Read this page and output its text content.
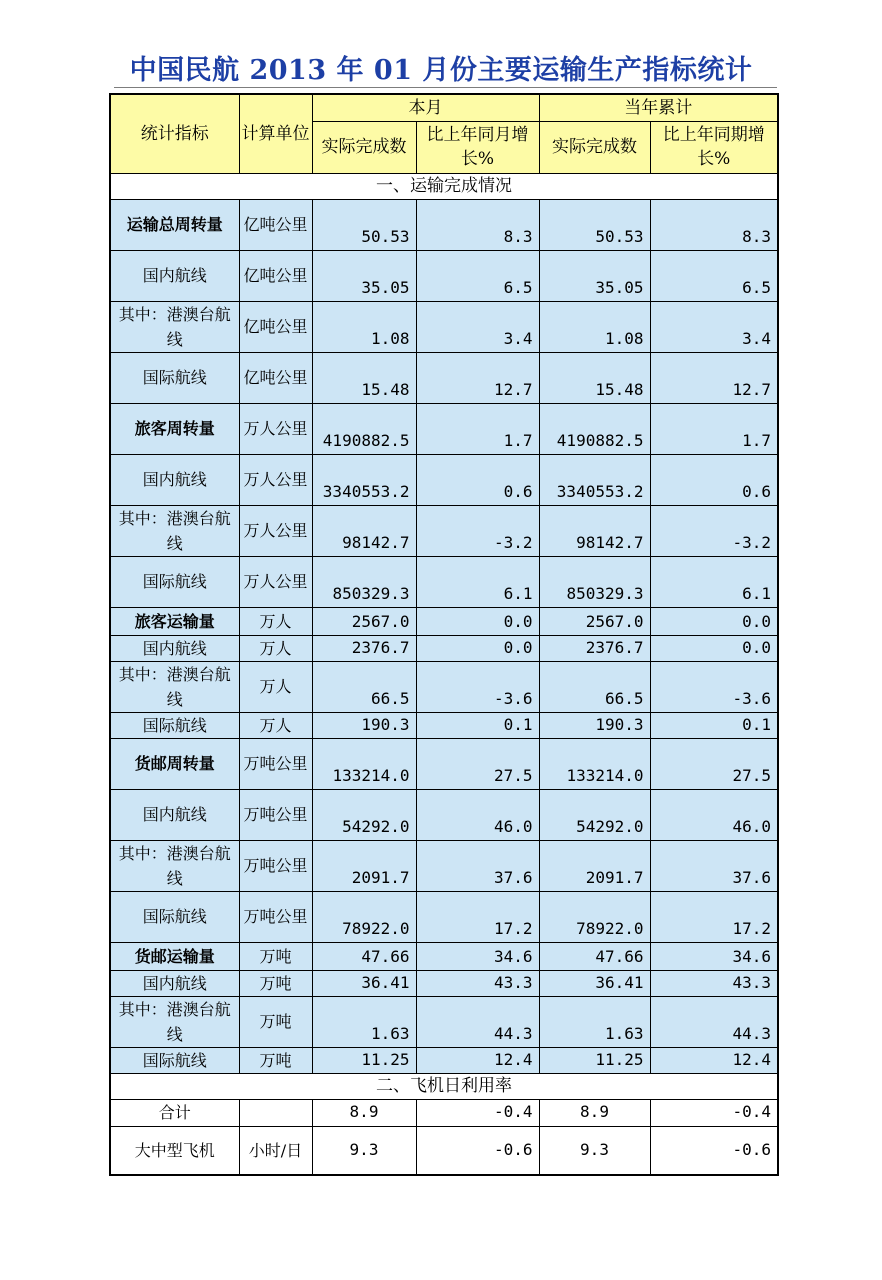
中国民航 2013 年 01 月份主要运输生产指标统计
统计指标	计算单位	本月		当年累计	
		实际完成数	比上年同月增长%	实际完成数	比上年同期增长%
一、运输完成情况					
运输总周转量	亿吨公里	50.53	8.3	50.53	8.3
国内航线	亿吨公里	35.05	6.5	35.05	6.5
其中：港澳台航线	亿吨公里	1.08	3.4	1.08	3.4
国际航线	亿吨公里	15.48	12.7	15.48	12.7
旅客周转量	万人公里	4190882.5	1.7	4190882.5	1.7
国内航线	万人公里	3340553.2	0.6	3340553.2	0.6
其中：港澳台航线	万人公里	98142.7	-3.2	98142.7	-3.2
国际航线	万人公里	850329.3	6.1	850329.3	6.1
旅客运输量	万人	2567.0	0.0	2567.0	0.0
国内航线	万人	2376.7	0.0	2376.7	0.0
其中：港澳台航线	万人	66.5	-3.6	66.5	-3.6
国际航线	万人	190.3	0.1	190.3	0.1
货邮周转量	万吨公里	133214.0	27.5	133214.0	27.5
国内航线	万吨公里	54292.0	46.0	54292.0	46.0
其中：港澳台航线	万吨公里	2091.7	37.6	2091.7	37.6
国际航线	万吨公里	78922.0	17.2	78922.0	17.2
货邮运输量	万吨	47.66	34.6	47.66	34.6
国内航线	万吨	36.41	43.3	36.41	43.3
其中：港澳台航线	万吨	1.63	44.3	1.63	44.3
国际航线	万吨	11.25	12.4	11.25	12.4
二、飞机日利用率					
合计		8.9	-0.4	8.9	-0.4
大中型飞机	小时/日	9.3	-0.6	9.3	-0.6
